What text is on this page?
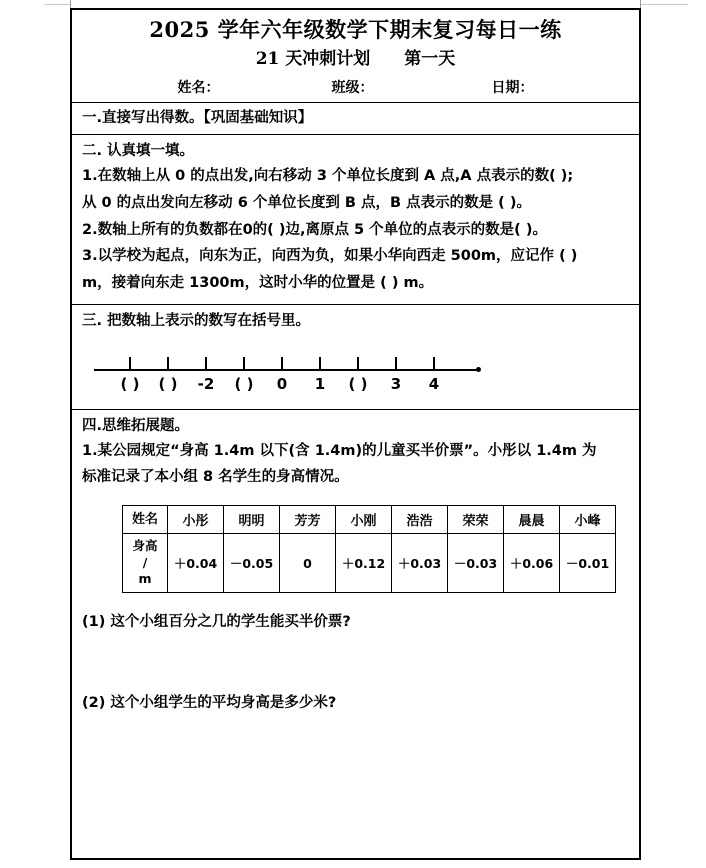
2025 学年六年级数学下期末复习每日一练
21 天冲刺计划 第一天
姓名：	班级：	日期：
一.直接写出得数。【巩固基础知识】
二. 认真填一填。
1.在数轴上从 0 的点出发,向右移动 3 个单位长度到 A 点,A 点表示的数( );
从 0 的点出发向左移动 6 个单位长度到 B 点，B 点表示的数是 ( )。
2.数轴上所有的负数都在0的( )边,离原点 5 个单位的点表示的数是( )。
3.以学校为起点，向东为正，向西为负，如果小华向西走 500m，应记作 ( )
m，接着向东走 1300m，这时小华的位置是 ( ) m。
三. 把数轴上表示的数写在括号里。
( ) ( ) -2 ( ) 0 1 ( ) 3 4
四.思维拓展题。
1.某公园规定“身高 1.4m 以下(含 1.4m)的儿童买半价票”。小彤以 1.4m 为
标准记录了本小组 8 名学生的身高情况。
姓名	小彤	明明	芳芳	小刚	浩浩	荣荣	晨晨	小峰
身高
/
m	＋0.04	－0.05	0	＋0.12	＋0.03	－0.03	＋0.06	－0.01
(1) 这个小组百分之几的学生能买半价票?
(2) 这个小组学生的平均身高是多少米?
